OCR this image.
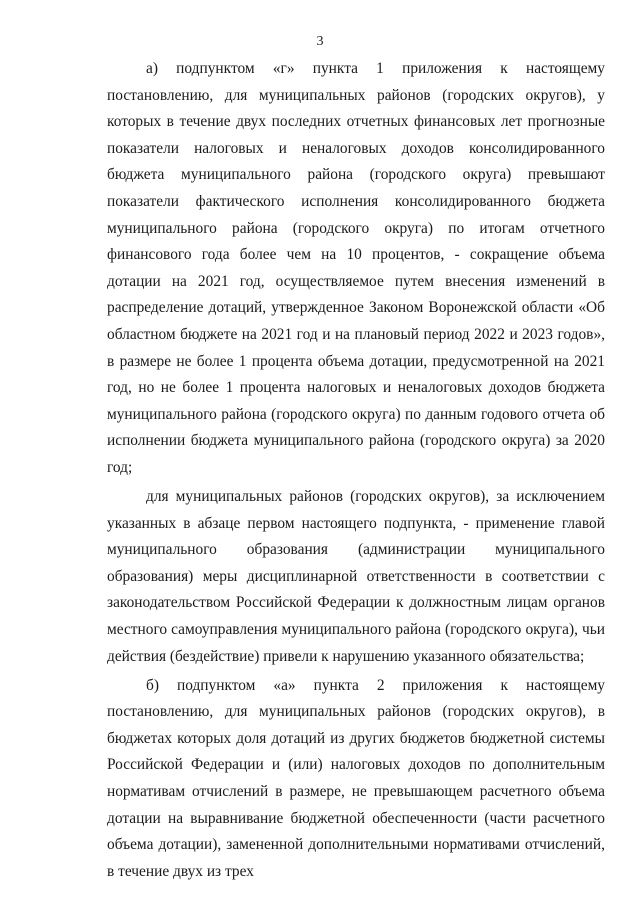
3

а) подпунктом «г» пункта 1 приложения к настоящему постановлению, для муниципальных районов (городских округов), у которых в течение двух последних отчетных финансовых лет прогнозные показатели налоговых и неналоговых доходов консолидированного бюджета муниципального района (городского округа) превышают показатели фактического исполнения консолидированного бюджета муниципального района (городского округа) по итогам отчетного финансового года более чем на 10 процентов, - сокращение объема дотации на 2021 год, осуществляемое путем внесения изменений в распределение дотаций, утвержденное Законом Воронежской области «Об областном бюджете на 2021 год и на плановый период 2022 и 2023 годов», в размере не более 1 процента объема дотации, предусмотренной на 2021 год, но не более 1 процента налоговых и неналоговых доходов бюджета муниципального района (городского округа) по данным годового отчета об исполнении бюджета муниципального района (городского округа) за 2020 год;

для муниципальных районов (городских округов), за исключением указанных в абзаце первом настоящего подпункта, - применение главой муниципального образования (администрации муниципального образования) меры дисциплинарной ответственности в соответствии с законодательством Российской Федерации к должностным лицам органов местного самоуправления муниципального района (городского округа), чьи действия (бездействие) привели к нарушению указанного обязательства;

б) подпунктом «а» пункта 2 приложения к настоящему постановлению, для муниципальных районов (городских округов), в бюджетах которых доля дотаций из других бюджетов бюджетной системы Российской Федерации и (или) налоговых доходов по дополнительным нормативам отчислений в размере, не превышающем расчетного объема дотации на выравнивание бюджетной обеспеченности (части расчетного объема дотации), замененной дополнительными нормативами отчислений, в течение двух из трех
